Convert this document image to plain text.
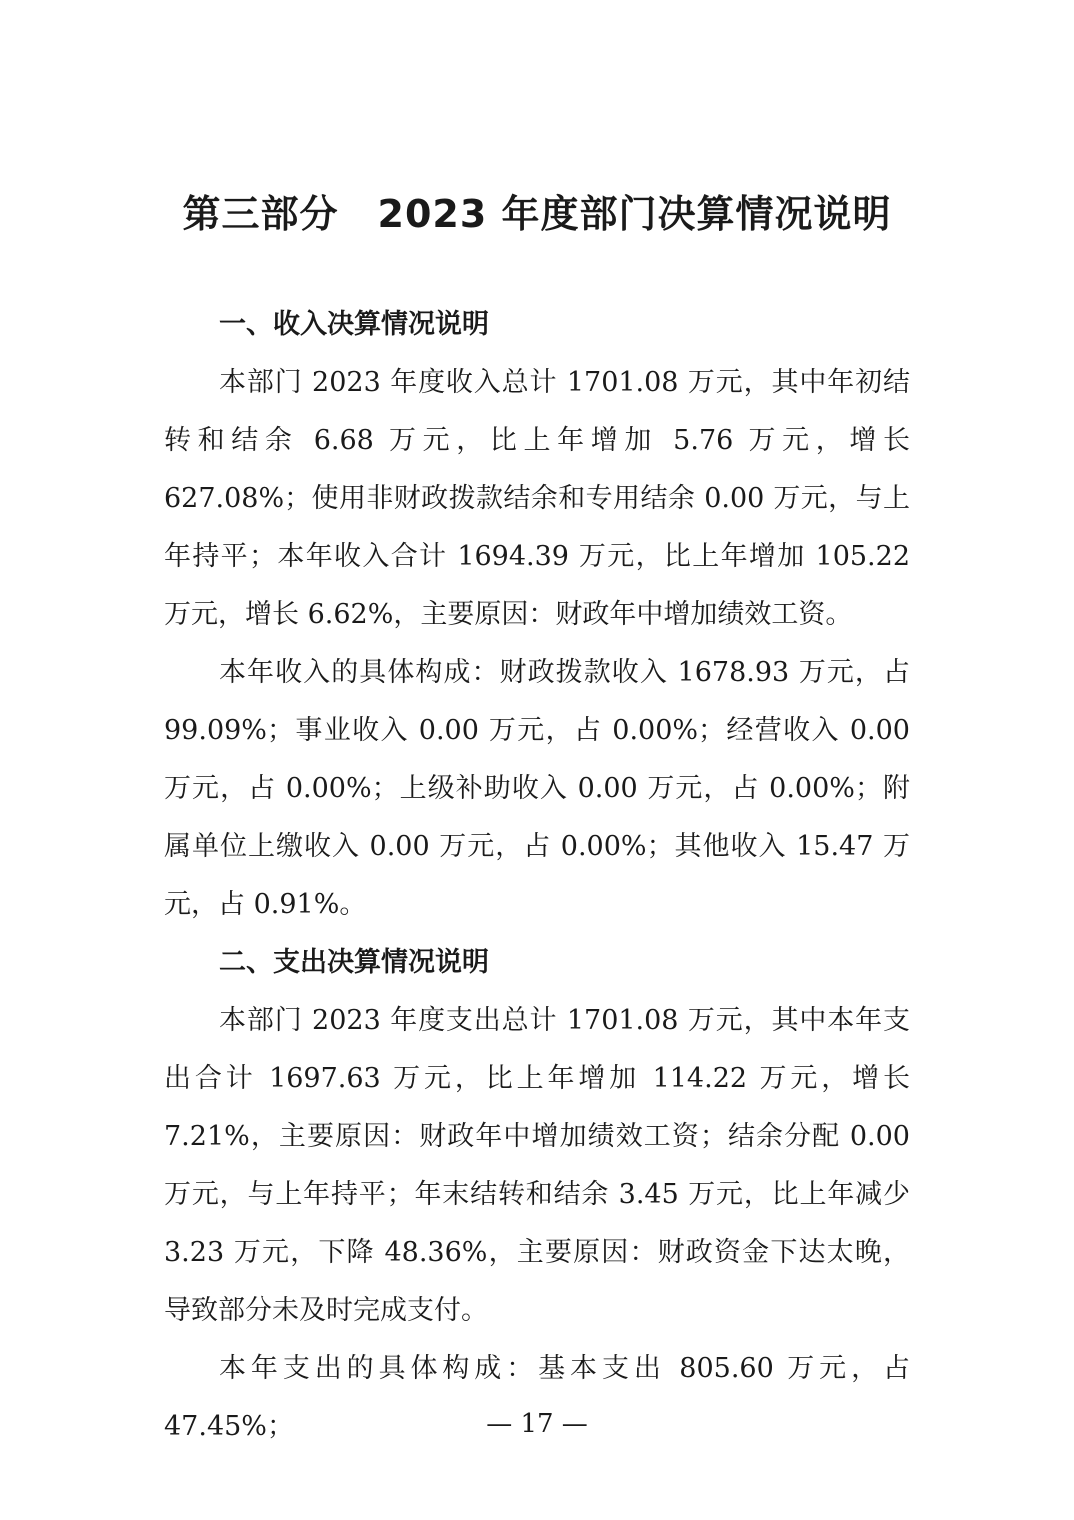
第三部分　2023 年度部门决算情况说明

一、收入决算情况说明

本部门 2023 年度收入总计 1701.08 万元，其中年初结转和结余 6.68 万元，比上年增加 5.76 万元，增长 627.08%；使用非财政拨款结余和专用结余 0.00 万元，与上年持平；本年收入合计 1694.39 万元，比上年增加 105.22 万元，增长 6.62%，主要原因：财政年中增加绩效工资。

本年收入的具体构成：财政拨款收入 1678.93 万元，占 99.09%；事业收入 0.00 万元，占 0.00%；经营收入 0.00 万元，占 0.00%；上级补助收入 0.00 万元，占 0.00%；附属单位上缴收入 0.00 万元，占 0.00%；其他收入 15.47 万元，占 0.91%。

二、支出决算情况说明

本部门 2023 年度支出总计 1701.08 万元，其中本年支出合计 1697.63 万元，比上年增加 114.22 万元，增长 7.21%，主要原因：财政年中增加绩效工资；结余分配 0.00 万元，与上年持平；年末结转和结余 3.45 万元，比上年减少 3.23 万元，下降 48.36%，主要原因：财政资金下达太晚，导致部分未及时完成支付。

本年支出的具体构成：基本支出 805.60 万元，占 47.45%；	— 17 —
